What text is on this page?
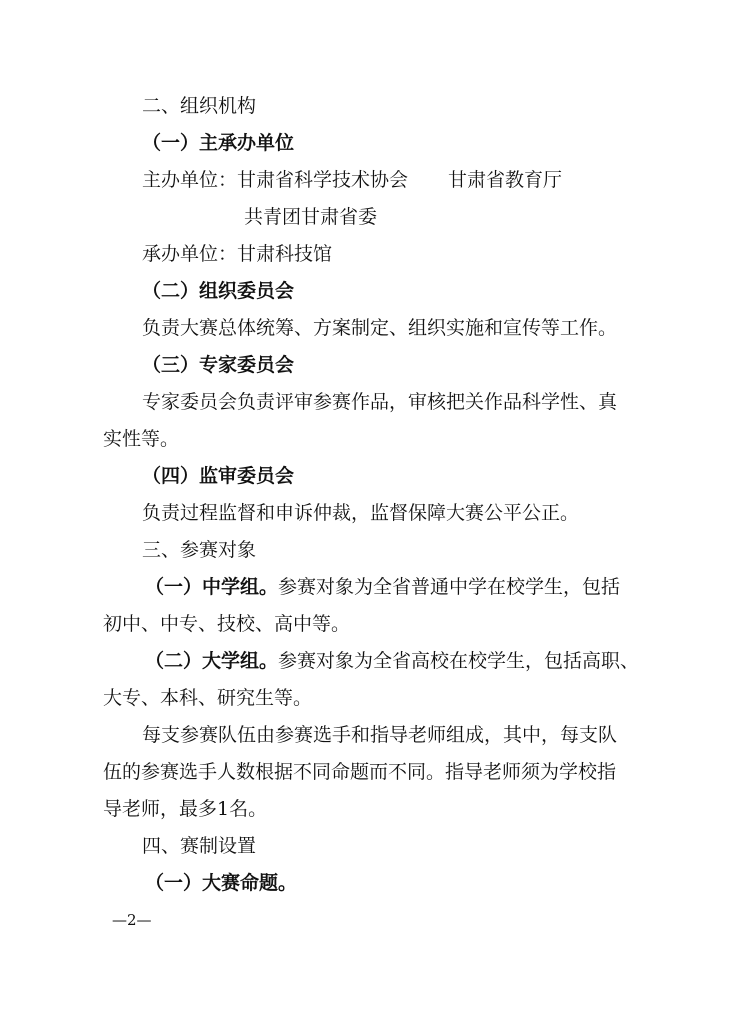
二、组织机构
（一）主承办单位
主办单位：甘肃省科学技术协会 甘肃省教育厅
共青团甘肃省委
承办单位：甘肃科技馆
（二）组织委员会
负责大赛总体统筹、方案制定、组织实施和宣传等工作。
（三）专家委员会
专家委员会负责评审参赛作品，审核把关作品科学性、真
实性等。
（四）监审委员会
负责过程监督和申诉仲裁，监督保障大赛公平公正。
三、参赛对象
（一）中学组。参赛对象为全省普通中学在校学生，包括
初中、中专、技校、高中等。
（二）大学组。参赛对象为全省高校在校学生，包括高职、
大专、本科、研究生等。
每支参赛队伍由参赛选手和指导老师组成，其中，每支队
伍的参赛选手人数根据不同命题而不同。指导老师须为学校指
导老师，最多1名。
四、赛制设置
（一）大赛命题。
—2—
